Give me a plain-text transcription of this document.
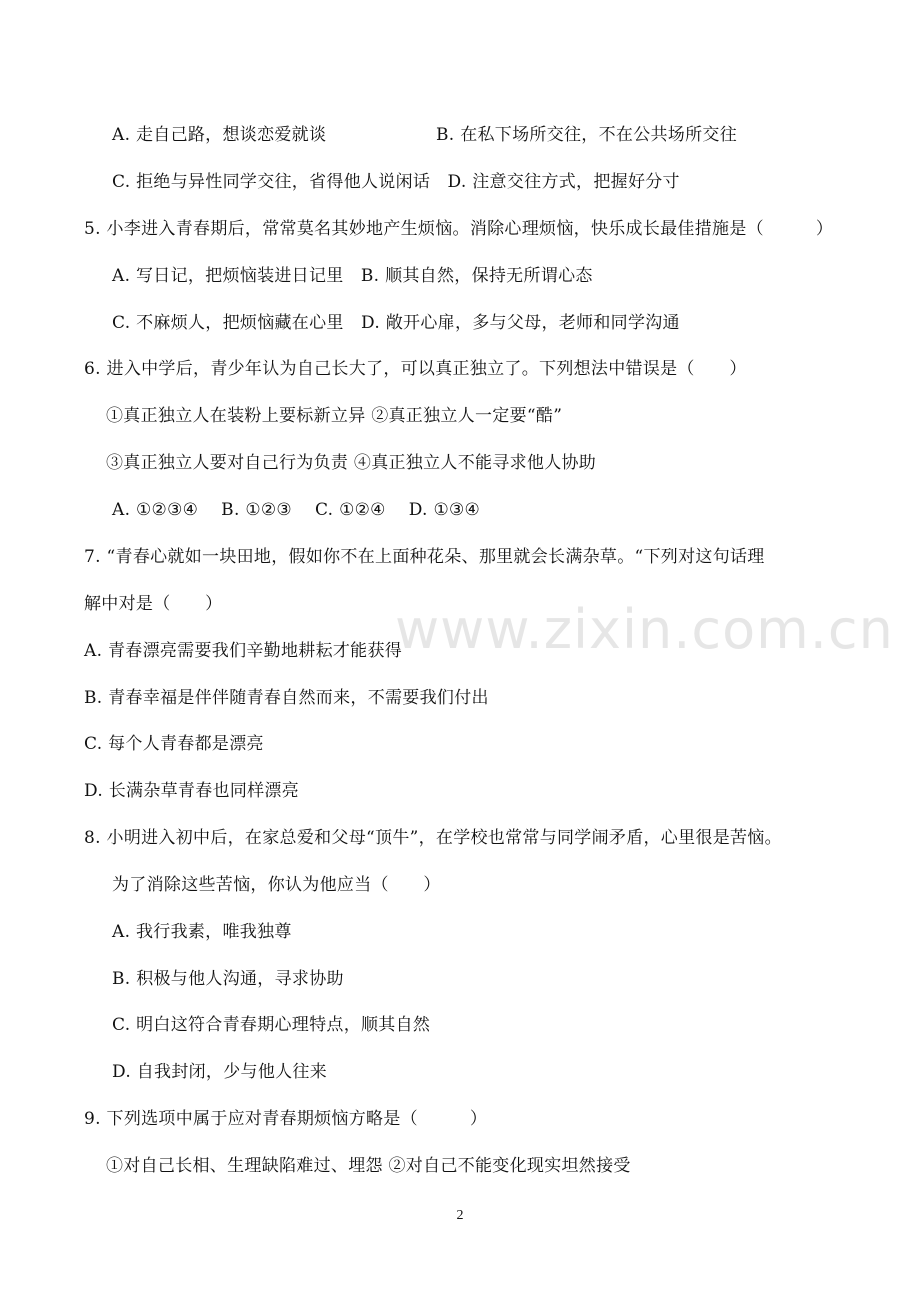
www.zixin.com.cn
A. 走自己路，想谈恋爱就谈	B. 在私下场所交往，不在公共场所交往
C. 拒绝与异性同学交往，省得他人说闲话　D. 注意交往方式，把握好分寸
5. 小李进入青春期后，常常莫名其妙地产生烦恼。消除心理烦恼，快乐成长最佳措施是（　　　）
A. 写日记，把烦恼装进日记里　B. 顺其自然，保持无所谓心态
C. 不麻烦人，把烦恼藏在心里　D. 敞开心扉，多与父母，老师和同学沟通
6. 进入中学后，青少年认为自己长大了，可以真正独立了。下列想法中错误是（　　）
①真正独立人在装粉上要标新立异 ②真正独立人一定要“酷”
③真正独立人要对自己行为负责 ④真正独立人不能寻求他人协助
A. ①②③④　 B. ①②③　 C. ①②④　 D. ①③④
7. “青春心就如一块田地，假如你不在上面种花朵、那里就会长满杂草。“下列对这句话理
解中对是（　　）
A. 青春漂亮需要我们辛勤地耕耘才能获得
B. 青春幸福是伴伴随青春自然而来，不需要我们付出
C. 每个人青春都是漂亮
D. 长满杂草青春也同样漂亮
8. 小明进入初中后，在家总爱和父母“顶牛”，在学校也常常与同学闹矛盾，心里很是苦恼。
为了消除这些苦恼，你认为他应当（　　）
A. 我行我素，唯我独尊
B. 积极与他人沟通，寻求协助
C. 明白这符合青春期心理特点，顺其自然
D. 自我封闭，少与他人往来
9. 下列选项中属于应对青春期烦恼方略是（　　　）
①对自己长相、生理缺陷难过、埋怨 ②对自己不能变化现实坦然接受
2
